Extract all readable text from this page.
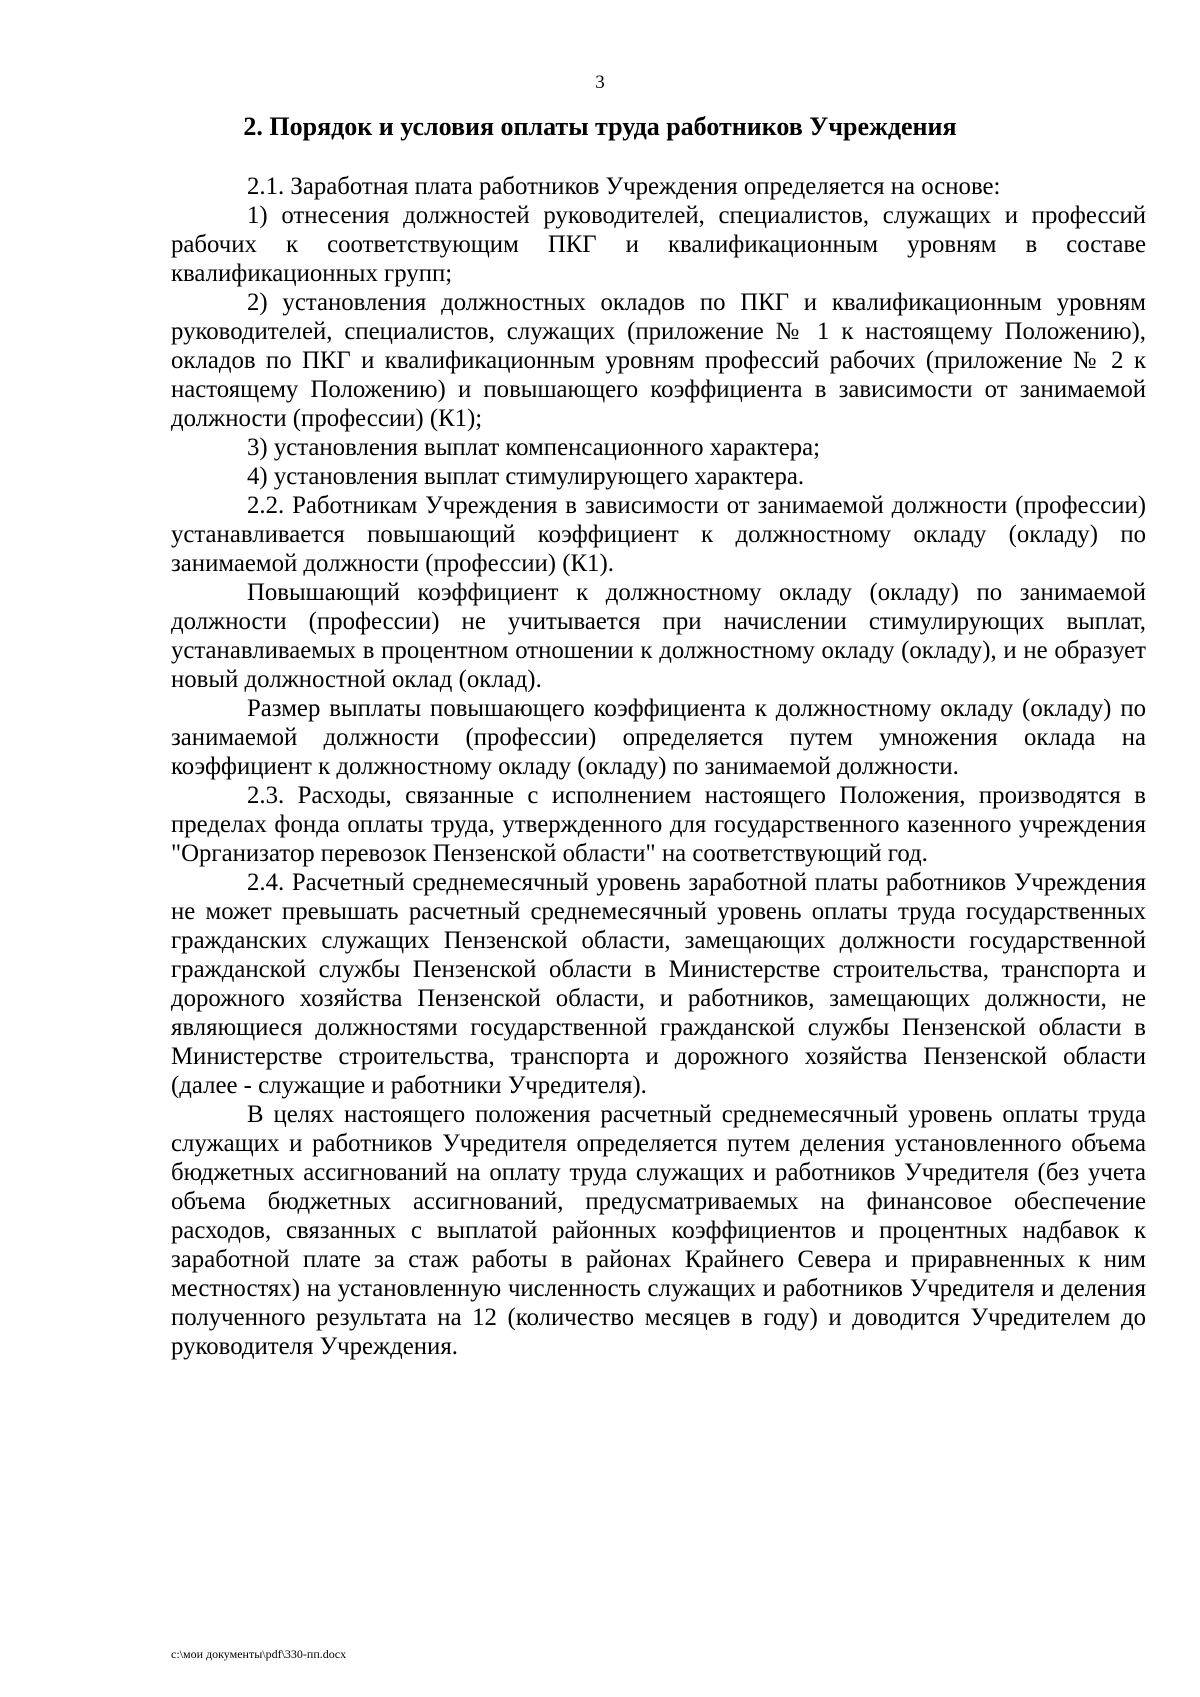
3
2. Порядок и условия оплаты труда работников Учреждения

2.1. Заработная плата работников Учреждения определяется на основе:

1) отнесения должностей руководителей, специалистов, служащих и профессий рабочих к соответствующим ПКГ и квалификационным уровням в составе квалификационных групп;

2) установления должностных окладов по ПКГ и квалификационным уровням руководителей, специалистов, служащих (приложение № 1 к настоящему Положению), окладов по ПКГ и квалификационным уровням профессий рабочих (приложение № 2 к настоящему Положению) и повышающего коэффициента в зависимости от занимаемой должности (профессии) (К1);

3) установления выплат компенсационного характера;

4) установления выплат стимулирующего характера.

2.2. Работникам Учреждения в зависимости от занимаемой должности (профессии) устанавливается повышающий коэффициент к должностному окладу (окладу) по занимаемой должности (профессии) (К1).

Повышающий коэффициент к должностному окладу (окладу) по занимаемой должности (профессии) не учитывается при начислении стимулирующих выплат, устанавливаемых в процентном отношении к должностному окладу (окладу), и не образует новый должностной оклад (оклад).

Размер выплаты повышающего коэффициента к должностному окладу (окладу) по занимаемой должности (профессии) определяется путем умножения оклада на коэффициент к должностному окладу (окладу) по занимаемой должности.

2.3. Расходы, связанные с исполнением настоящего Положения, производятся в пределах фонда оплаты труда, утвержденного для государственного казенного учреждения "Организатор перевозок Пензенской области" на соответствующий год.

2.4. Расчетный среднемесячный уровень заработной платы работников Учреждения не может превышать расчетный среднемесячный уровень оплаты труда государственных гражданских служащих Пензенской области, замещающих должности государственной гражданской службы Пензенской области в Министерстве строительства, транспорта и дорожного хозяйства Пензенской области, и работников, замещающих должности, не являющиеся должностями государственной гражданской службы Пензенской области в Министерстве строительства, транспорта и дорожного хозяйства Пензенской области (далее - служащие и работники Учредителя).

В целях настоящего положения расчетный среднемесячный уровень оплаты труда служащих и работников Учредителя определяется путем деления установленного объема бюджетных ассигнований на оплату труда служащих и работников Учредителя (без учета объема бюджетных ассигнований, предусматриваемых на финансовое обеспечение расходов, связанных с выплатой районных коэффициентов и процентных надбавок к заработной плате за стаж работы в районах Крайнего Севера и приравненных к ним местностях) на установленную численность служащих и работников Учредителя и деления полученного результата на 12 (количество месяцев в году) и доводится Учредителем до руководителя Учреждения.

c:\мои документы\pdf\330-пп.docx
